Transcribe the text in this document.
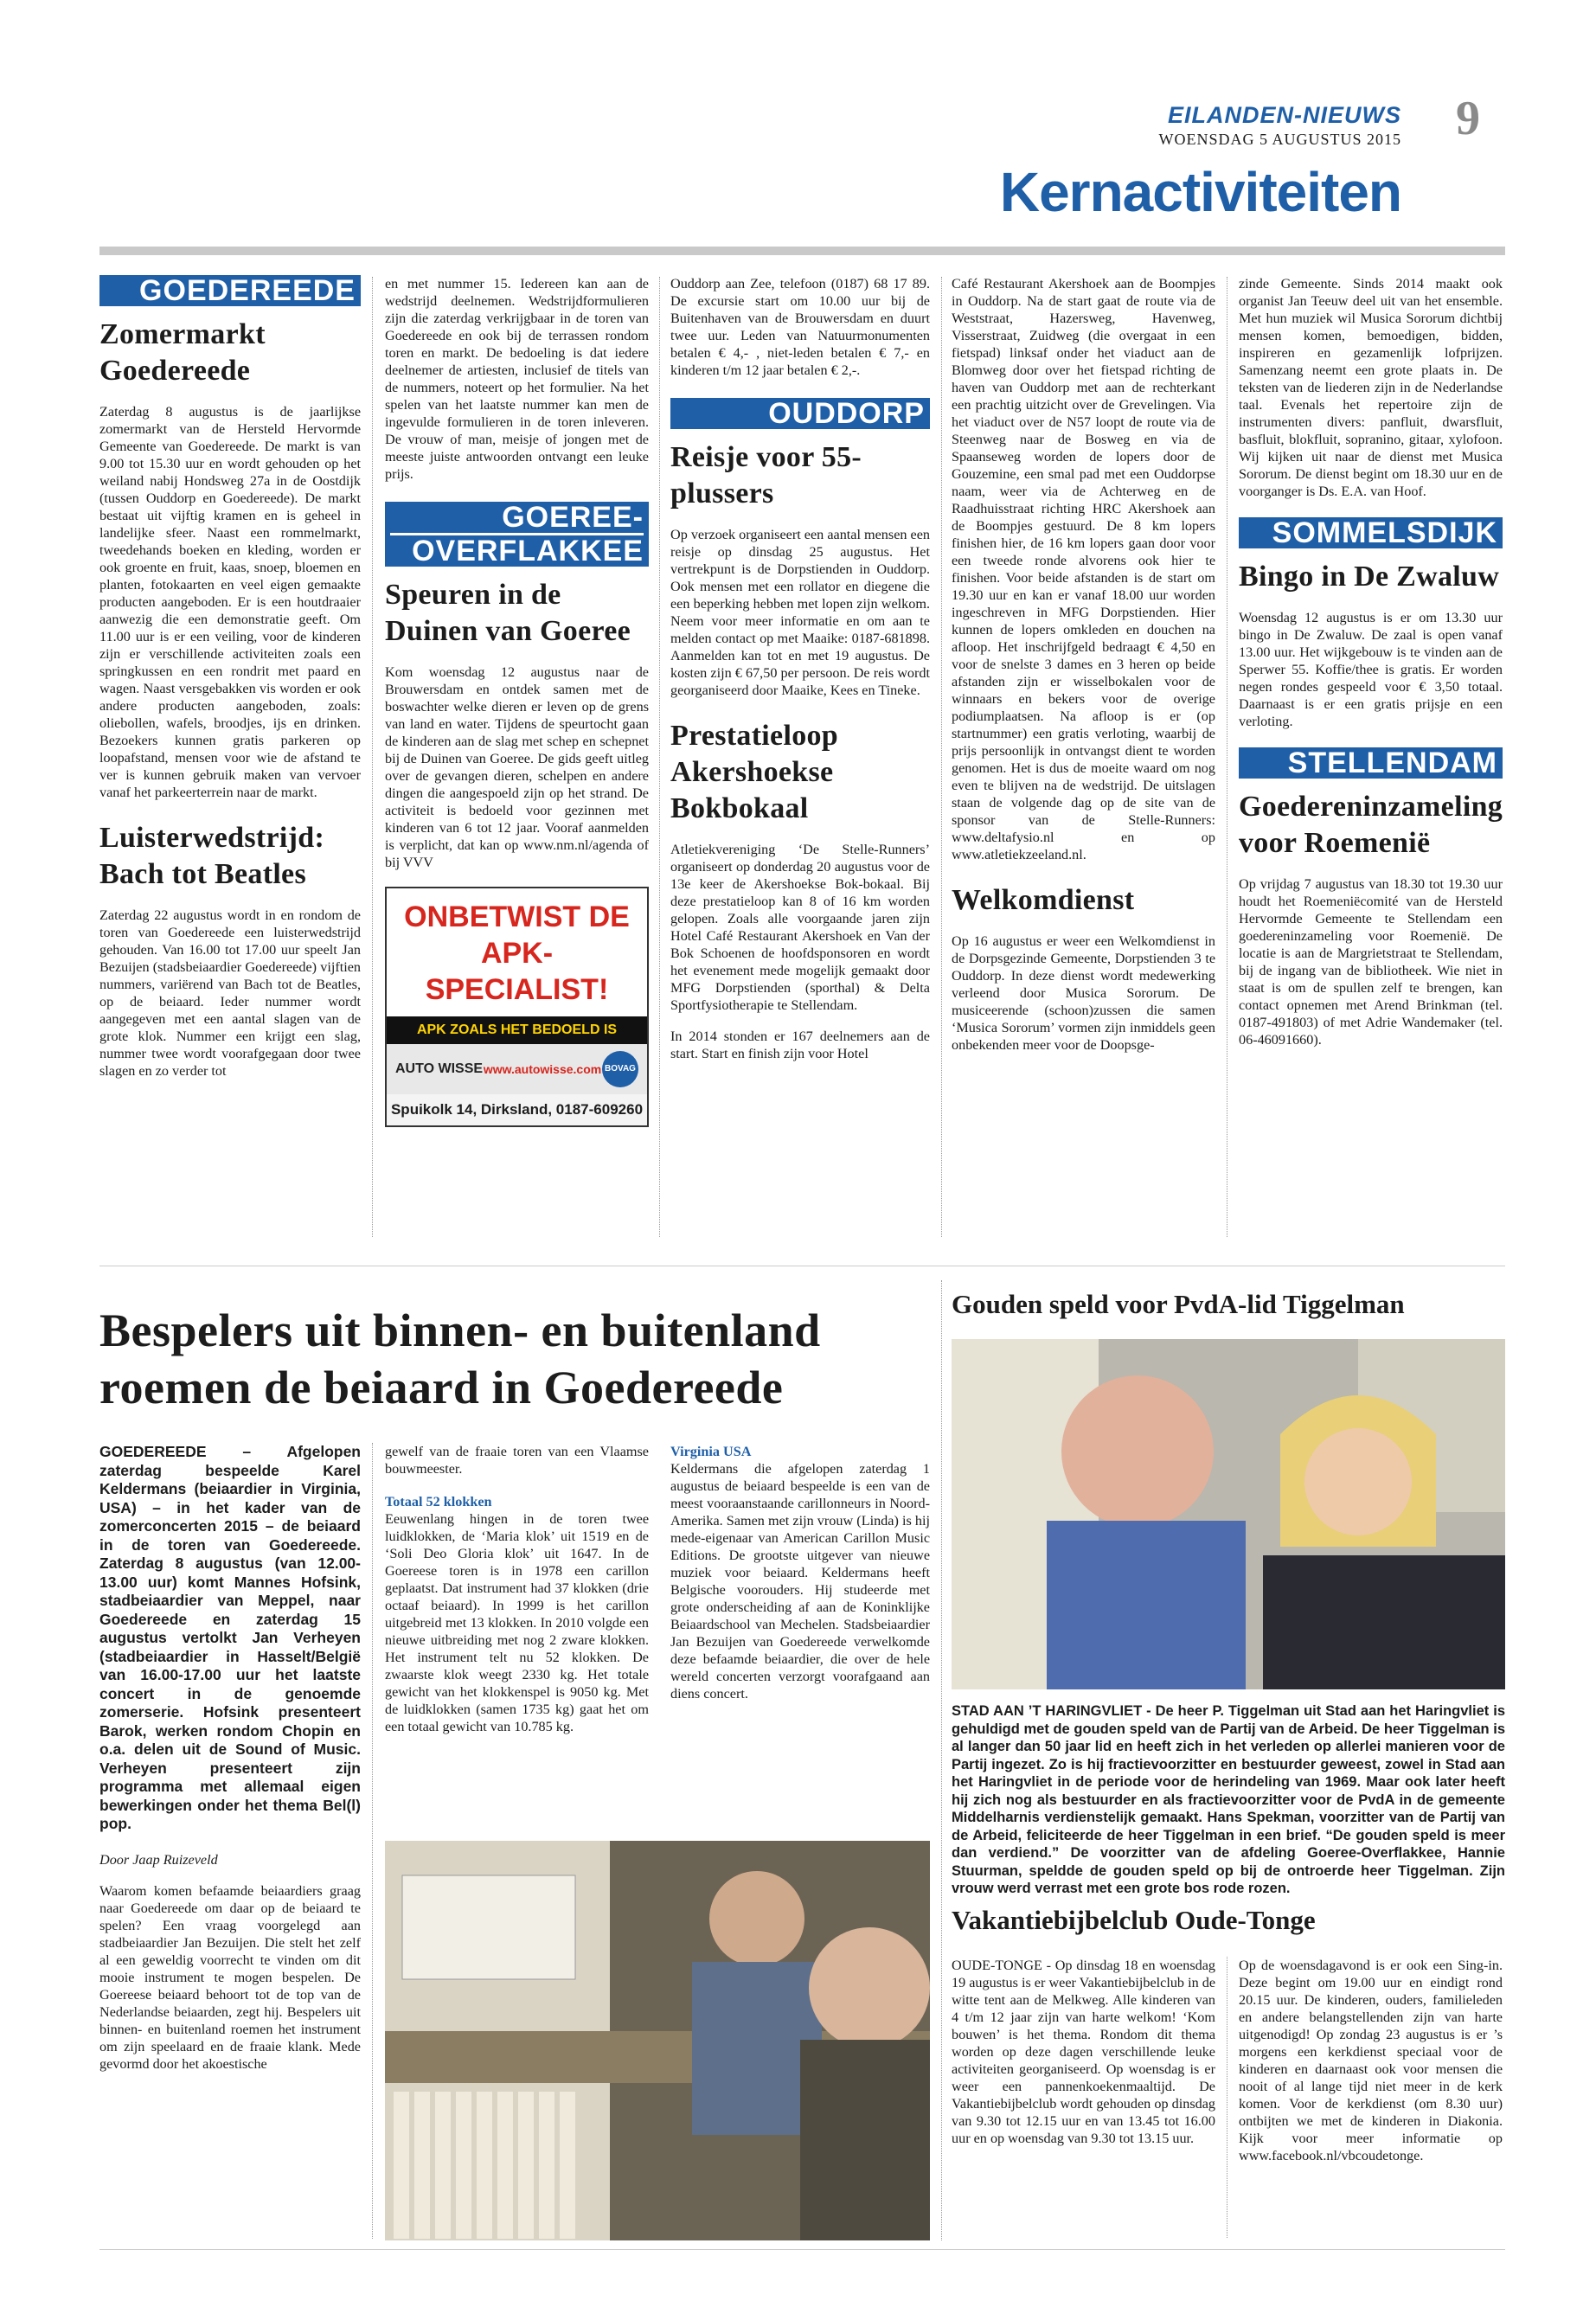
EILANDEN-NIEUWS
WOENSDAG 5 AUGUSTUS 2015 9
Kernactiviteiten
GOEDEREEDE
Zomermarkt Goedereede

Zaterdag 8 augustus is de jaarlijkse zomermarkt van de Hersteld Hervormde Gemeente van Goedereede. De markt is van 9.00 tot 15.30 uur en wordt gehouden op het weiland nabij Hondsweg 27a in de Oostdijk (tussen Ouddorp en Goedereede). De markt bestaat uit vijftig kramen en is geheel in landelijke sfeer. Naast een rommelmarkt, tweedehands boeken en kleding, worden er ook groente en fruit, kaas, snoep, bloemen en planten, fotokaarten en veel eigen gemaakte producten aangeboden. Er is een houtdraaier aanwezig die een demonstratie geeft. Om 11.00 uur is er een veiling, voor de kinderen zijn er verschillende activiteiten zoals een springkussen en een rondrit met paard en wagen. Naast versgebakken vis worden er ook andere producten aangeboden, zoals: oliebollen, wafels, broodjes, ijs en drinken. Bezoekers kunnen gratis parkeren op loopafstand, mensen voor wie de afstand te ver is kunnen gebruik maken van vervoer vanaf het parkeerterrein naar de markt.

Luisterwedstrijd: Bach tot Beatles

Zaterdag 22 augustus wordt in en rondom de toren van Goedereede een luisterwedstrijd gehouden. Van 16.00 tot 17.00 uur speelt Jan Bezuijen (stadsbeiaardier Goedereede) vijftien nummers, variërend van Bach tot de Beatles, op de beiaard. Ieder nummer wordt aangegeven met een aantal slagen van de grote klok. Nummer een krijgt een slag, nummer twee wordt voorafgegaan door twee slagen en zo verder tot

en met nummer 15. Iedereen kan aan de wedstrijd deelnemen. Wedstrijdformulieren zijn die zaterdag verkrijgbaar in de toren van Goedereede en ook bij de terrassen rondom toren en markt. De bedoeling is dat iedere deelnemer de artiesten, inclusief de titels van de nummers, noteert op het formulier. Na het spelen van het laatste nummer kan men de ingevulde formulieren in de toren inleveren. De vrouw of man, meisje of jongen met de meeste juiste antwoorden ontvangt een leuke prijs.

GOEREE-
OVERFLAKKEE
Speuren in de Duinen van Goeree

Kom woensdag 12 augustus naar de Brouwersdam en ontdek samen met de boswachter welke dieren er leven op de grens van land en water. Tijdens de speurtocht gaan de kinderen aan de slag met schep en schepnet bij de Duinen van Goeree. De gids geeft uitleg over de gevangen dieren, schelpen en andere dingen die aangespoeld zijn op het strand. De activiteit is bedoeld voor gezinnen met kinderen van 6 tot 12 jaar. Vooraf aanmelden is verplicht, dat kan op www.nm.nl/agenda of bij VVV

ONBETWIST DE APK-SPECIALIST!
APK ZOALS HET BEDOELD IS
AUTO WISSE www.autowisse.com BOVAG
Spuikolk 14, Dirksland, 0187-609260

Ouddorp aan Zee, telefoon (0187) 68 17 89. De excursie start om 10.00 uur bij de Buitenhaven van de Brouwersdam en duurt twee uur. Leden van Natuurmonumenten betalen € 4,- , niet-leden betalen € 7,- en kinderen t/m 12 jaar betalen € 2,-.

OUDDORP
Reisje voor 55-plussers

Op verzoek organiseert een aantal mensen een reisje op dinsdag 25 augustus. Het vertrekpunt is de Dorpstienden in Ouddorp. Ook mensen met een rollator en diegene die een beperking hebben met lopen zijn welkom. Neem voor meer informatie en om aan te melden contact op met Maaike: 0187-681898. Aanmelden kan tot en met 19 augustus. De kosten zijn € 67,50 per persoon. De reis wordt georganiseerd door Maaike, Kees en Tineke.

Prestatieloop Akershoekse Bokbokaal

Atletiekvereniging ‘De Stelle-Runners’ organiseert op donderdag 20 augustus voor de 13e keer de Akershoekse Bok-bokaal. Bij deze prestatieloop kan 8 of 16 km worden gelopen. Zoals alle voorgaande jaren zijn Hotel Café Restaurant Akershoek en Van der Bok Schoenen de hoofdsponsoren en wordt het evenement mede mogelijk gemaakt door MFG Dorpstienden (sporthal) & Delta Sportfysiotherapie te Stellendam.

In 2014 stonden er 167 deelnemers aan de start. Start en finish zijn voor Hotel

Café Restaurant Akershoek aan de Boompjes in Ouddorp. Na de start gaat de route via de Weststraat, Hazersweg, Havenweg, Visserstraat, Zuidweg (die overgaat in een fietspad) linksaf onder het viaduct aan de Blomweg door over het fietspad richting de haven van Ouddorp met aan de rechterkant een prachtig uitzicht over de Grevelingen. Via het viaduct over de N57 loopt de route via de Steenweg naar de Bosweg en via de Spaanseweg worden de lopers door de Gouzemine, een smal pad met een Ouddorpse naam, weer via de Achterweg en de Raadhuisstraat richting HRC Akershoek aan de Boompjes gestuurd. De 8 km lopers finishen hier, de 16 km lopers gaan door voor een tweede ronde alvorens ook hier te finishen. Voor beide afstanden is de start om 19.30 uur en kan er vanaf 18.00 uur worden ingeschreven in MFG Dorpstienden. Hier kunnen de lopers omkleden en douchen na afloop. Het inschrijfgeld bedraagt € 4,50 en voor de snelste 3 dames en 3 heren op beide afstanden zijn er wisselbokalen voor de winnaars en bekers voor de overige podiumplaatsen. Na afloop is er (op startnummer) een gratis verloting, waarbij de prijs persoonlijk in ontvangst dient te worden genomen. Het is dus de moeite waard om nog even te blijven na de wedstrijd. De uitslagen staan de volgende dag op de site van de sponsor van de Stelle-Runners: www.deltafysio.nl en op www.atletiekzeeland.nl.

Welkomdienst

Op 16 augustus er weer een Welkomdienst in de Dorpsgezinde Gemeente, Dorpstienden 3 te Ouddorp. In deze dienst wordt medewerking verleend door Musica Sororum. De musiceerende (schoon)zussen die samen ‘Musica Sororum’ vormen zijn inmiddels geen onbekenden meer voor de Doopsge-

zinde Gemeente. Sinds 2014 maakt ook organist Jan Teeuw deel uit van het ensemble. Met hun muziek wil Musica Sororum dichtbij mensen komen, bemoedigen, bidden, inspireren en gezamenlijk lofprijzen. Samenzang neemt een grote plaats in. De teksten van de liederen zijn in de Nederlandse taal. Evenals het repertoire zijn de instrumenten divers: panfluit, dwarsfluit, basfluit, blokfluit, sopranino, gitaar, xylofoon. Wij kijken uit naar de dienst met Musica Sororum. De dienst begint om 18.30 uur en de voorganger is Ds. E.A. van Hoof.

SOMMELSDIJK
Bingo in De Zwaluw

Woensdag 12 augustus is er om 13.30 uur bingo in De Zwaluw. De zaal is open vanaf 13.00 uur. Het wijkgebouw is te vinden aan de Sperwer 55. Koffie/thee is gratis. Er worden negen rondes gespeeld voor € 3,50 totaal. Daarnaast is er een gratis prijsje en een verloting.

STELLENDAM
Goedereninzameling voor Roemenië

Op vrijdag 7 augustus van 18.30 tot 19.30 uur houdt het Roemeniëcomité van de Hersteld Hervormde Gemeente te Stellendam een goedereninzameling voor Roemenië. De locatie is aan de Margrietstraat te Stellendam, bij de ingang van de bibliotheek. Wie niet in staat is om de spullen zelf te brengen, kan contact opnemen met Arend Brinkman (tel. 0187-491803) of met Adrie Wandemaker (tel. 06-46091660).

Bespelers uit binnen- en buitenland roemen de beiaard in Goedereede

GOEDEREEDE – Afgelopen zaterdag bespeelde Karel Keldermans (beiaardier in Virginia, USA) – in het kader van de zomerconcerten 2015 – de beiaard in de toren van Goedereede. Zaterdag 8 augustus (van 12.00-13.00 uur) komt Mannes Hofsink, stadbeiaardier van Meppel, naar Goedereede en zaterdag 15 augustus vertolkt Jan Verheyen (stadbeiaardier in Hasselt/België van 16.00-17.00 uur het laatste concert in de genoemde zomerserie. Hofsink presenteert Barok, werken rondom Chopin en o.a. delen uit de Sound of Music. Verheyen presenteert zijn programma met allemaal eigen bewerkingen onder het thema Bel(l) pop.

Door Jaap Ruizeveld

Waarom komen befaamde beiaardiers graag naar Goedereede om daar op de beiaard te spelen? Een vraag voorgelegd aan stadbeiaardier Jan Bezuijen. Die stelt het zelf al een geweldig voorrecht te vinden om dit mooie instrument te mogen bespelen. De Goereese beiaard behoort tot de top van de Nederlandse beiaarden, zegt hij. Bespelers uit binnen- en buitenland roemen het instrument om zijn speelaard en de fraaie klank. Mede gevormd door het akoestische

gewelf van de fraaie toren van een Vlaamse bouwmeester.

Totaal 52 klokken

Eeuwenlang hingen in de toren twee luidklokken, de ‘Maria klok’ uit 1519 en de ‘Soli Deo Gloria klok’ uit 1647. In de Goereese toren is in 1978 een carillon geplaatst. Dat instrument had 37 klokken (drie octaaf beiaard). In 1999 is het carillon uitgebreid met 13 klokken. In 2010 volgde een nieuwe uitbreiding met nog 2 zware klokken. Het instrument telt nu 52 klokken. De zwaarste klok weegt 2330 kg. Het totale gewicht van het klokkenspel is 9050 kg. Met de luidklokken (samen 1735 kg) gaat het om een totaal gewicht van 10.785 kg.

Virginia USA

Keldermans die afgelopen zaterdag 1 augustus de beiaard bespeelde is een van de meest vooraanstaande carillonneurs in Noord-Amerika. Samen met zijn vrouw (Linda) is hij mede-eigenaar van American Carillon Music Editions. De grootste uitgever van nieuwe muziek voor beiaard. Keldermans heeft Belgische voorouders. Hij studeerde met grote onderscheiding af aan de Koninklijke Beiaardschool van Mechelen. Stadsbeiaardier Jan Bezuijen van Goedereede verwelkomde deze befaamde beiaardier, die over de hele wereld concerten verzorgt voorafgaand aan diens concert.

Gouden speld voor PvdA-lid Tiggelman

STAD AAN ’T HARINGVLIET - De heer P. Tiggelman uit Stad aan het Haringvliet is gehuldigd met de gouden speld van de Partij van de Arbeid. De heer Tiggelman is al langer dan 50 jaar lid en heeft zich in het verleden op allerlei manieren voor de Partij ingezet. Zo is hij fractievoorzitter en bestuurder geweest, zowel in Stad aan het Haringvliet in de periode voor de herindeling van 1969. Maar ook later heeft hij zich nog als bestuurder en als fractievoorzitter voor de PvdA in de gemeente Middelharnis verdienstelijk gemaakt. Hans Spekman, voorzitter van de Partij van de Arbeid, feliciteerde de heer Tiggelman in een brief. “De gouden speld is meer dan verdiend.” De voorzitter van de afdeling Goeree-Overflakkee, Hannie Stuurman, speldde de gouden speld op bij de ontroerde heer Tiggelman. Zijn vrouw werd verrast met een grote bos rode rozen.

Vakantiebijbelclub Oude-Tonge

OUDE-TONGE - Op dinsdag 18 en woensdag 19 augustus is er weer Vakantiebijbelclub in de witte tent aan de Melkweg. Alle kinderen van 4 t/m 12 jaar zijn van harte welkom! ‘Kom bouwen’ is het thema. Rondom dit thema worden op deze dagen verschillende leuke activiteiten georganiseerd. Op woensdag is er weer een pannenkoekenmaaltijd. De Vakantiebijbelclub wordt gehouden op dinsdag van 9.30 tot 12.15 uur en van 13.45 tot 16.00 uur en op woensdag van 9.30 tot 13.15 uur.

Op de woensdagavond is er ook een Sing-in. Deze begint om 19.00 uur en eindigt rond 20.15 uur. De kinderen, ouders, familieleden en andere belangstellenden zijn van harte uitgenodigd! Op zondag 23 augustus is er ’s morgens een kerkdienst speciaal voor de kinderen en daarnaast ook voor mensen die nooit of al lange tijd niet meer in de kerk komen. Voor de kerkdienst (om 8.30 uur) ontbijten we met de kinderen in Diakonia. Kijk voor meer informatie op www.facebook.nl/vbcoudetonge.
